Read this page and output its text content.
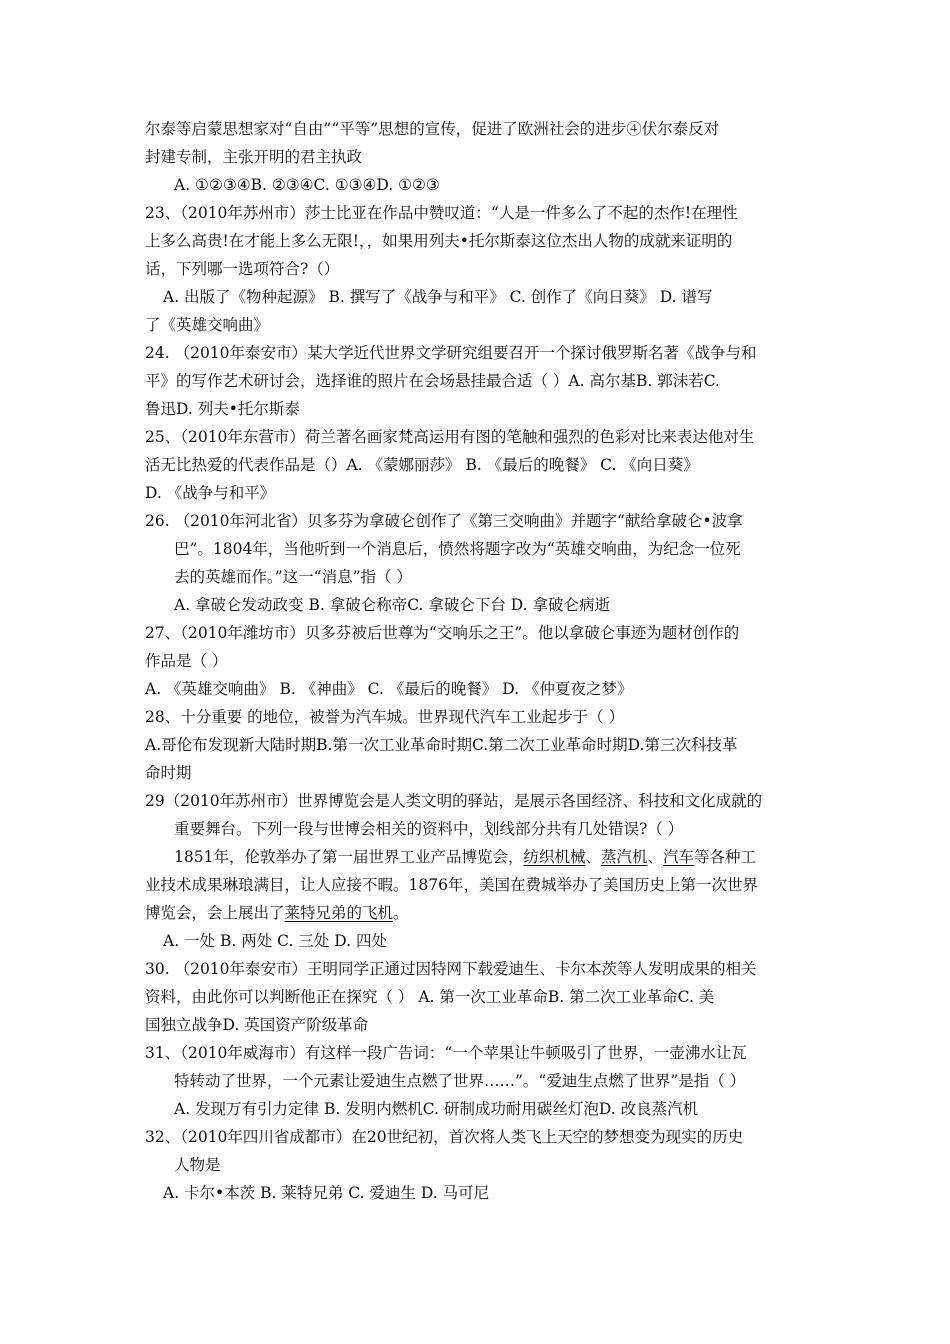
尔泰等启蒙思想家对“自由”“平等”思想的宣传，促进了欧洲社会的进步④伏尔泰反对
封建专制，主张开明的君主执政
A. ①②③④B. ②③④C. ①③④D. ①②③
23、（2010年苏州市）莎士比亚在作品中赞叹道：“人是一件多么了不起的杰作!在理性
上多么高贵!在才能上多么无限!，，如果用列夫•托尔斯泰这位杰出人物的成就来证明的
话，下列哪一选项符合?（）
A. 出版了《物种起源》 B. 撰写了《战争与和平》 C. 创作了《向日葵》 D. 谱写
了《英雄交响曲》
24. （2010年泰安市）某大学近代世界文学研究组要召开一个探讨俄罗斯名著《战争与和
平》的写作艺术研讨会，选择谁的照片在会场悬挂最合适（ ）A. 高尔基B. 郭沫若C.
鲁迅D. 列夫•托尔斯泰
25、（2010年东营市）荷兰著名画家梵高运用有图的笔触和强烈的色彩对比来表达他对生
活无比热爱的代表作品是（）A. 《蒙娜丽莎》 B. 《最后的晚餐》 C. 《向日葵》
D. 《战争与和平》
26. （2010年河北省）贝多芬为拿破仑创作了《第三交响曲》并题字“献给拿破仑•波拿
巴”。1804年，当他听到一个消息后，愤然将题字改为“英雄交响曲，为纪念一位死
去的英雄而作。”这一“消息”指（ ）
A. 拿破仑发动政变 B. 拿破仑称帝C. 拿破仑下台 D. 拿破仑病逝
27、（2010年潍坊市）贝多芬被后世尊为“交响乐之王”。他以拿破仑事迹为题材创作的
作品是（ ）
A. 《英雄交响曲》 B. 《神曲》 C. 《最后的晚餐》 D. 《仲夏夜之梦》
28、十分重要 的地位，被誉为汽车城。世界现代汽车工业起步于（ ）
A.哥伦布发现新大陆时期B.第一次工业革命时期C.第二次工业革命时期D.第三次科技革
命时期
29（2010年苏州市）世界博览会是人类文明的驿站，是展示各国经济、科技和文化成就的
重要舞台。下列一段与世博会相关的资料中，划线部分共有几处错误?（ ）
1851年，伦敦举办了第一届世界工业产品博览会，纺织机械、蒸汽机、汽车等各种工
业技术成果琳琅满目，让人应接不暇。1876年，美国在费城举办了美国历史上第一次世界
博览会，会上展出了莱特兄弟的飞机。
A. 一处 B. 两处 C. 三处 D. 四处
30. （2010年泰安市）王明同学正通过因特网下载爱迪生、卡尔本茨等人发明成果的相关
资料，由此你可以判断他正在探究（ ） A. 第一次工业革命B. 第二次工业革命C. 美
国独立战争D. 英国资产阶级革命
31、（2010年威海市）有这样一段广告词：“一个苹果让牛顿吸引了世界，一壶沸水让瓦
特转动了世界，一个元素让爱迪生点燃了世界……”。“爱迪生点燃了世界”是指（ ）
A. 发现万有引力定律 B. 发明内燃机C. 研制成功耐用碳丝灯泡D. 改良蒸汽机
32、（2010年四川省成都市）在20世纪初，首次将人类飞上天空的梦想变为现实的历史
人物是
A. 卡尔•本茨 B. 莱特兄弟 C. 爱迪生 D. 马可尼
